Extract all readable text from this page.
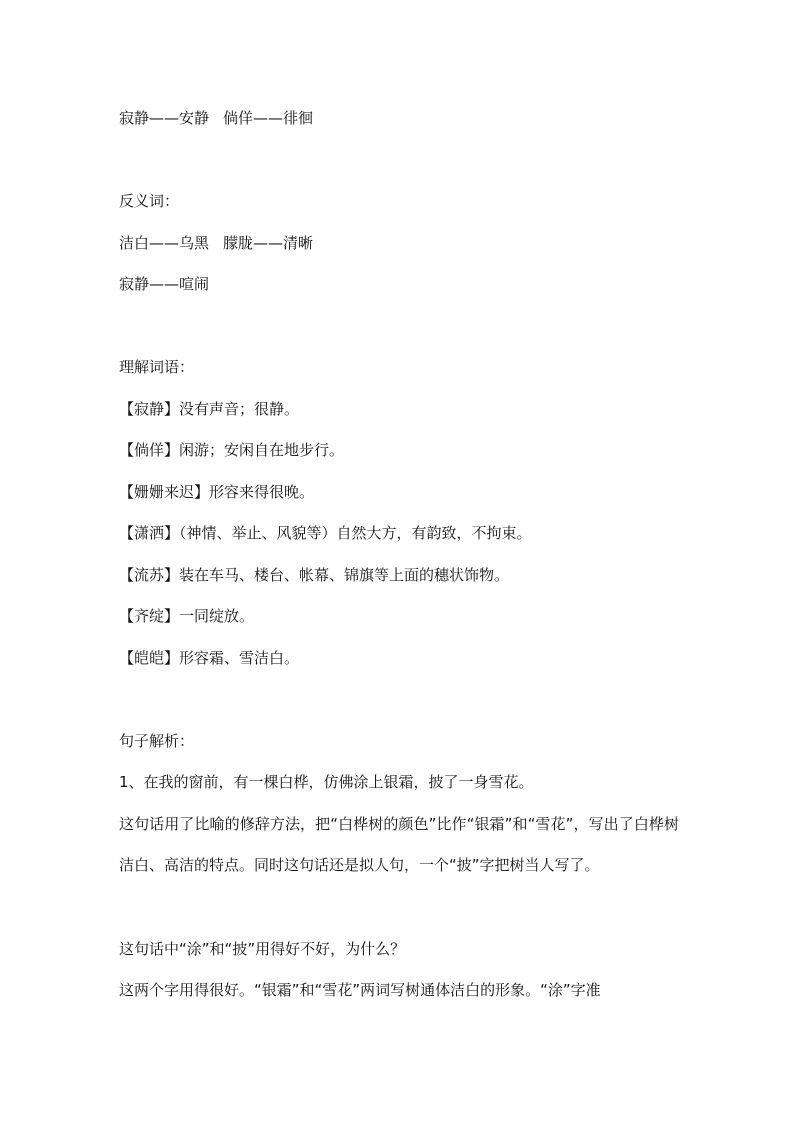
寂静——安静 倘佯——徘徊
反义词：
洁白——乌黑 朦胧——清晰
寂静——喧闹
理解词语：
【寂静】没有声音；很静。
【倘佯】闲游；安闲自在地步行。
【姗姗来迟】形容来得很晚。
【潇洒】（神情、举止、风貌等）自然大方，有韵致，不拘束。
【流苏】装在车马、楼台、帐幕、锦旗等上面的穗状饰物。
【齐绽】一同绽放。
【皑皑】形容霜、雪洁白。
句子解析：
1、在我的窗前，有一棵白桦，仿佛涂上银霜，披了一身雪花。
这句话用了比喻的修辞方法，把“白桦树的颜色”比作“银霜”和“雪花”，写出了白桦树洁白、高洁的特点。同时这句话还是拟人句，一个“披”字把树当人写了。
这句话中“涂”和“披”用得好不好，为什么？
这两个字用得很好。“银霜”和“雪花”两词写树通体洁白的形象。“涂”字准
